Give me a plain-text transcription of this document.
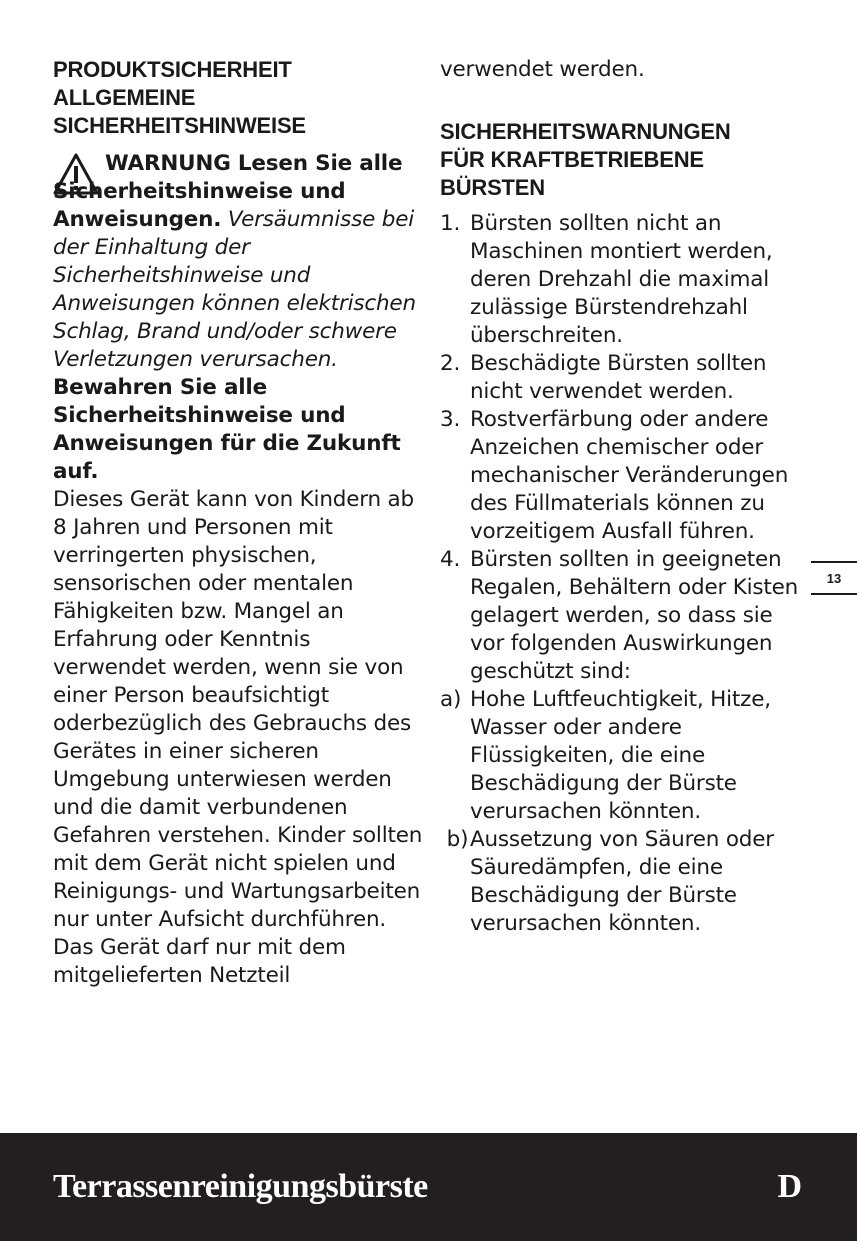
PRODUKTSICHERHEIT
ALLGEMEINE
SICHERHEITSHINWEISE

WARNUNG Lesen Sie alle Sicherheitshinweise und Anweisungen. Versäumnisse bei der Einhaltung der Sicherheitshinweise und Anweisungen können elektrischen Schlag, Brand und/oder schwere Verletzungen verursachen.

Bewahren Sie alle Sicherheitshinweise und Anweisungen für die Zukunft auf.

Dieses Gerät kann von Kindern ab 8 Jahren und Personen mit verringerten physischen, sensorischen oder mentalen Fähigkeiten bzw. Mangel an Erfahrung oder Kenntnis verwendet werden, wenn sie von einer Person beaufsichtigt oderbezüglich des Gebrauchs des Gerätes in einer sicheren Umgebung unterwiesen werden und die damit verbundenen Gefahren verstehen. Kinder sollten mit dem Gerät nicht spielen und Reinigungs- und Wartungsarbeiten nur unter Aufsicht durchführen.

Das Gerät darf nur mit dem mitgelieferten Netzteil

verwendet werden.

SICHERHEITSWARNUNGEN
FÜR KRAFTBETRIEBENE
BÜRSTEN
1. Bürsten sollten nicht an Maschinen montiert werden, deren Drehzahl die maximal zulässige Bürstendrehzahl überschreiten.
2. Beschädigte Bürsten sollten nicht verwendet werden.
3. Rostverfärbung oder andere Anzeichen chemischer oder mechanischer Veränderungen des Füllmaterials können zu vorzeitigem Ausfall führen.
4. Bürsten sollten in geeigneten Regalen, Behältern oder Kisten gelagert werden, so dass sie vor folgenden Auswirkungen geschützt sind:
a) Hohe Luftfeuchtigkeit, Hitze, Wasser oder andere Flüssigkeiten, die eine Beschädigung der Bürste verursachen könnten.
b) Aussetzung von Säuren oder Säuredämpfen, die eine Beschädigung der Bürste verursachen könnten.
13
Terrassenreinigungsbürste	D
